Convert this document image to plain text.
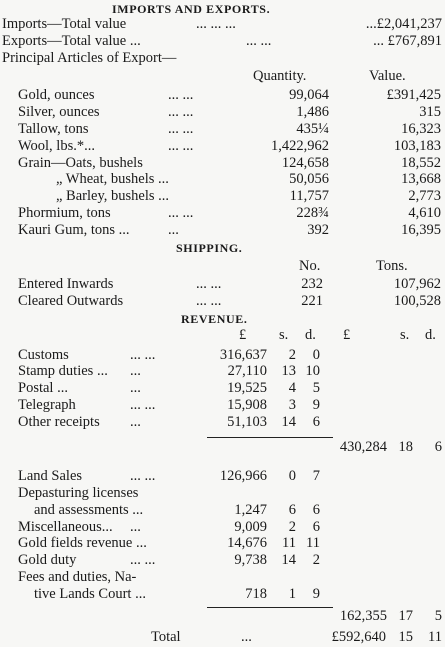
IMPORTS AND EXPORTS.
Imports—Total value	... ... ...	...£2,041,237
Exports—Total value ...	... ...	... £767,891
Principal Articles of Export—
Quantity.	Value.
Gold, ounces	... ...	99,064	£391,425
Silver, ounces	... ...	1,486	315
Tallow, tons	... ...	435¼	16,323
Wool, lbs.*...	... ...	1,422,962	103,183
Grain—Oats, bushels	124,658	18,552
„ Wheat, bushels ...	50,056	13,668
„ Barley, bushels ...	11,757	2,773
Phormium, tons	... ...	228¾	4,610
Kauri Gum, tons ...	...	392	16,395
SHIPPING.
No.	Tons.
Entered Inwards	... ...	232	107,962
Cleared Outwards	... ...	221	100,528
REVENUE.
£ s. d. £	s. d.
Customs	... ...	316,637 2 0
Stamp duties ... ...	27,110 13 10
Postal ...	...	19,525 4 5
Telegraph	... ...	15,908 3 9
Other receipts ...	51,103 14 6
430,284 18 6
Land Sales	... ...	126,966 0 7
Depasturing licenses
and assessments ...	1,247 6 6
Miscellaneous... ...	9,009 2 6
Gold fields revenue ...	14,676 11 11
Gold duty	... ...	9,738 14 2
Fees and duties, Na-
tive Lands Court ...	718 1 9
162,355 17 5
Total	...	£592,640 15 11
